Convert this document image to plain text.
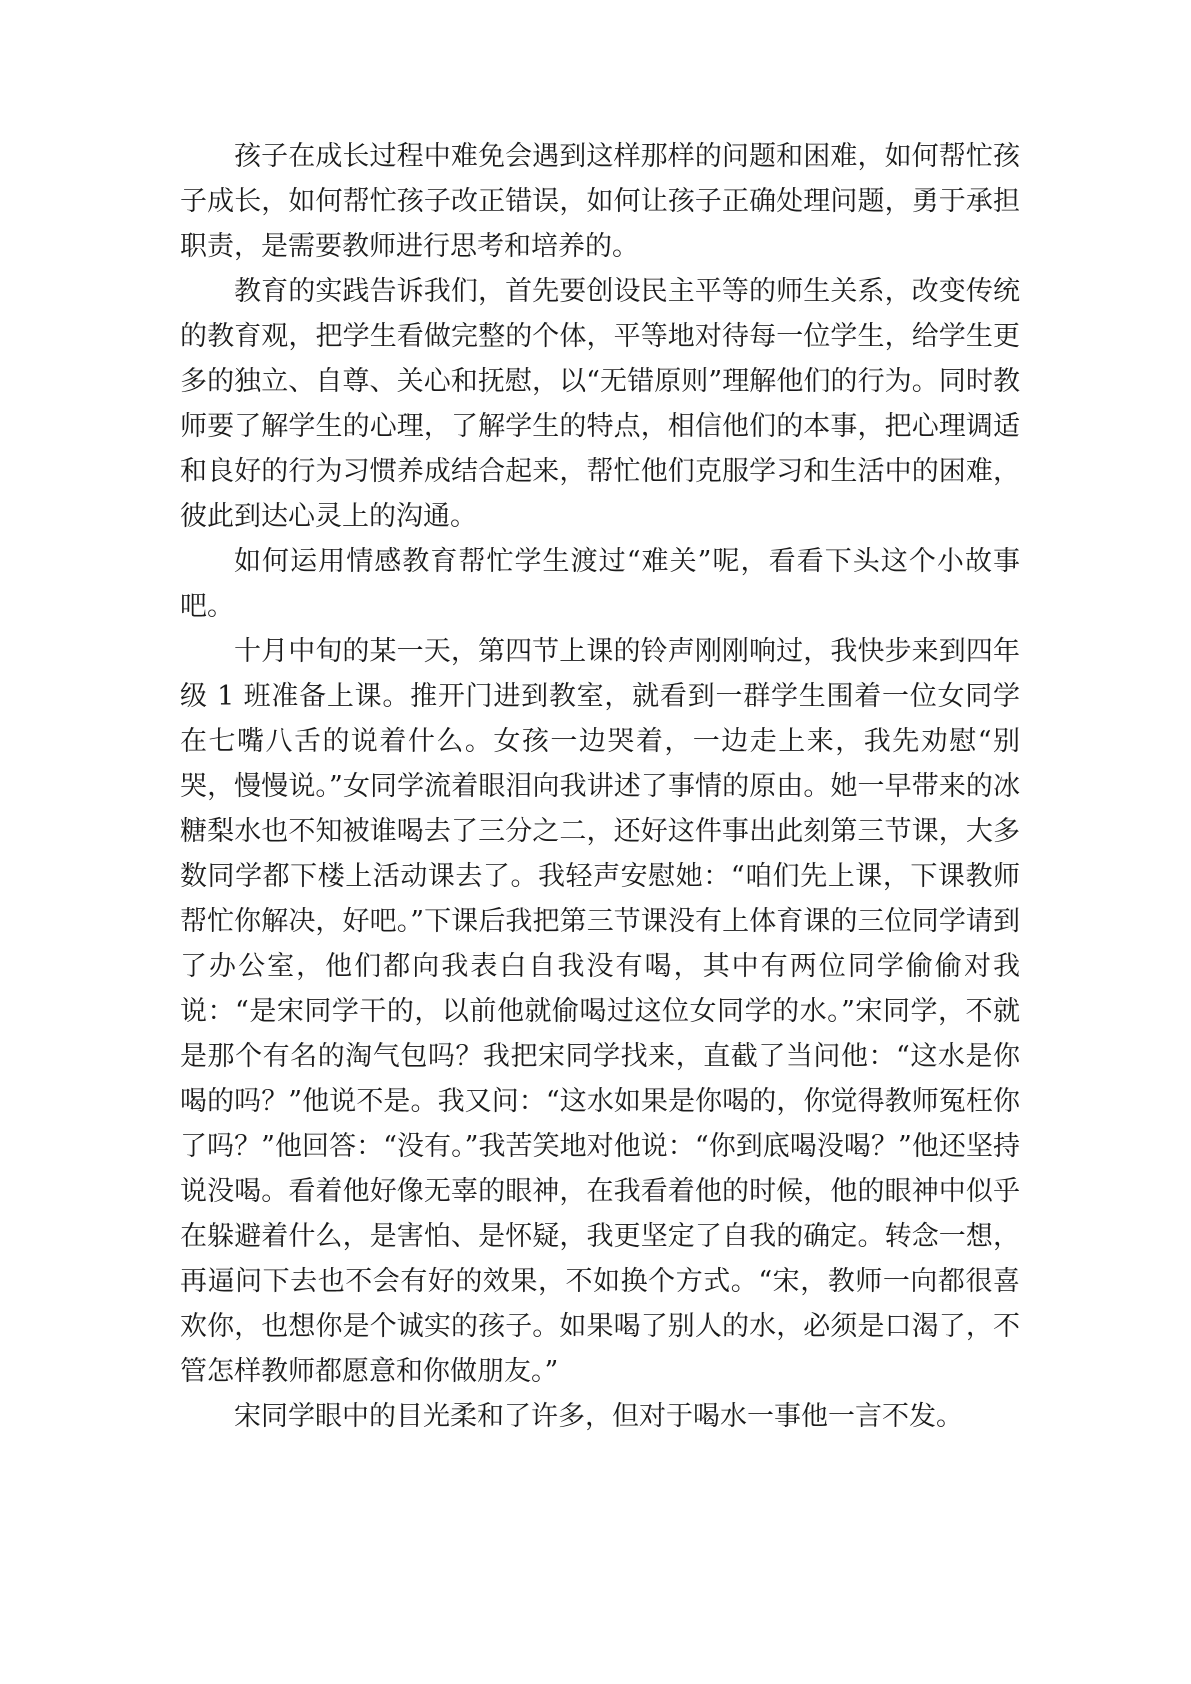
孩子在成长过程中难免会遇到这样那样的问题和困难，如何帮忙孩子成长，如何帮忙孩子改正错误，如何让孩子正确处理问题，勇于承担职责，是需要教师进行思考和培养的。

教育的实践告诉我们，首先要创设民主平等的师生关系，改变传统的教育观，把学生看做完整的个体，平等地对待每一位学生，给学生更多的独立、自尊、关心和抚慰，以“无错原则”理解他们的行为。同时教师要了解学生的心理，了解学生的特点，相信他们的本事，把心理调适和良好的行为习惯养成结合起来，帮忙他们克服学习和生活中的困难，彼此到达心灵上的沟通。

如何运用情感教育帮忙学生渡过“难关”呢，看看下头这个小故事吧。

十月中旬的某一天，第四节上课的铃声刚刚响过，我快步来到四年级 1 班准备上课。推开门进到教室，就看到一群学生围着一位女同学在七嘴八舌的说着什么。女孩一边哭着，一边走上来，我先劝慰“别哭，慢慢说。”女同学流着眼泪向我讲述了事情的原由。她一早带来的冰糖梨水也不知被谁喝去了三分之二，还好这件事出此刻第三节课，大多数同学都下楼上活动课去了。我轻声安慰她：“咱们先上课，下课教师帮忙你解决，好吧。”下课后我把第三节课没有上体育课的三位同学请到了办公室，他们都向我表白自我没有喝，其中有两位同学偷偷对我说：“是宋同学干的，以前他就偷喝过这位女同学的水。”宋同学，不就是那个有名的淘气包吗？我把宋同学找来，直截了当问他：“这水是你喝的吗？”他说不是。我又问：“这水如果是你喝的，你觉得教师冤枉你了吗？”他回答：“没有。”我苦笑地对他说：“你到底喝没喝？”他还坚持说没喝。看着他好像无辜的眼神，在我看着他的时候，他的眼神中似乎在躲避着什么，是害怕、是怀疑，我更坚定了自我的确定。转念一想，再逼问下去也不会有好的效果，不如换个方式。“宋，教师一向都很喜欢你，也想你是个诚实的孩子。如果喝了别人的水，必须是口渴了，不管怎样教师都愿意和你做朋友。”

宋同学眼中的目光柔和了许多，但对于喝水一事他一言不发。
